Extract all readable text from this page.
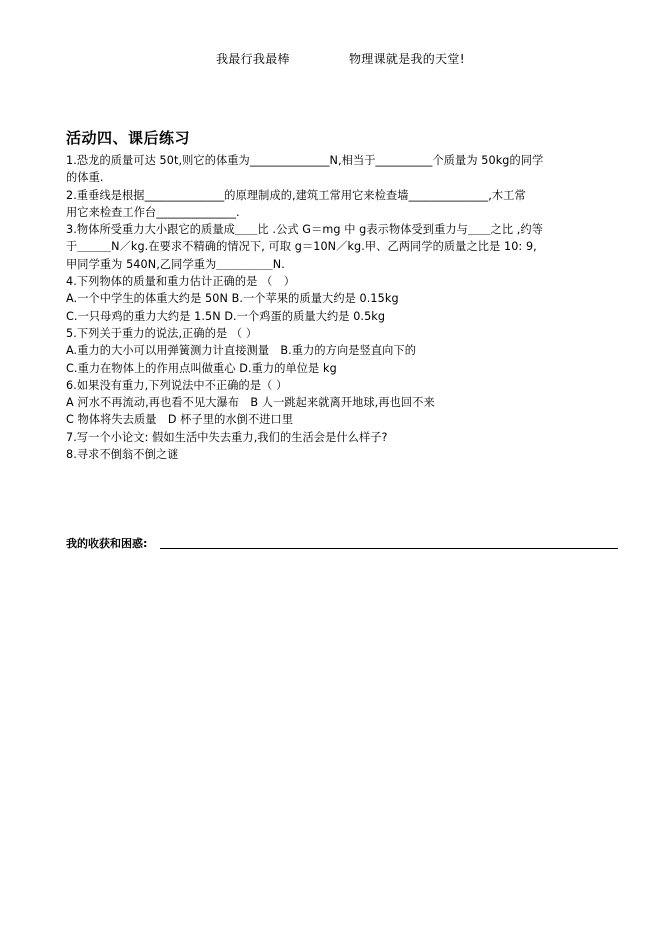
我最行我最棒	物理课就是我的天堂!
活动四、课后练习
1.恐龙的质量可达 50t,则它的体重为______________N,相当于__________个质量为 50kg的同学
的体重.
2.重垂线是根据______________的原理制成的,建筑工常用它来检查墙______________,木工常
用它来检查工作台______________.
3.物体所受重力大小跟它的质量成＿＿比 .公式 G＝mg 中 g表示物体受到重力与＿＿之比 ,约等
于＿＿＿N／kg.在要求不精确的情况下, 可取 g＝10N／kg.甲、乙两同学的质量之比是 10: 9,
甲同学重为 540N,乙同学重为＿＿＿＿＿N.
4.下列物体的质量和重力估计正确的是 （　）
A.一个中学生的体重大约是 50N B.一个苹果的质量大约是 0.15kg
C.一只母鸡的重力大约是 1.5N D.一个鸡蛋的质量大约是 0.5kg
5.下列关于重力的说法,正确的是 （ ）
A.重力的大小可以用弹簧测力计直接测量　B.重力的方向是竖直向下的
C.重力在物体上的作用点叫做重心 D.重力的单位是 kg
6.如果没有重力,下列说法中不正确的是（ ）
A 河水不再流动,再也看不见大瀑布　B 人一跳起来就离开地球,再也回不来
C 物体将失去质量　D 杯子里的水倒不进口里
7.写一个小论文: 假如生活中失去重力,我们的生活会是什么样子?
8.寻求不倒翁不倒之谜
我的收获和困惑:
